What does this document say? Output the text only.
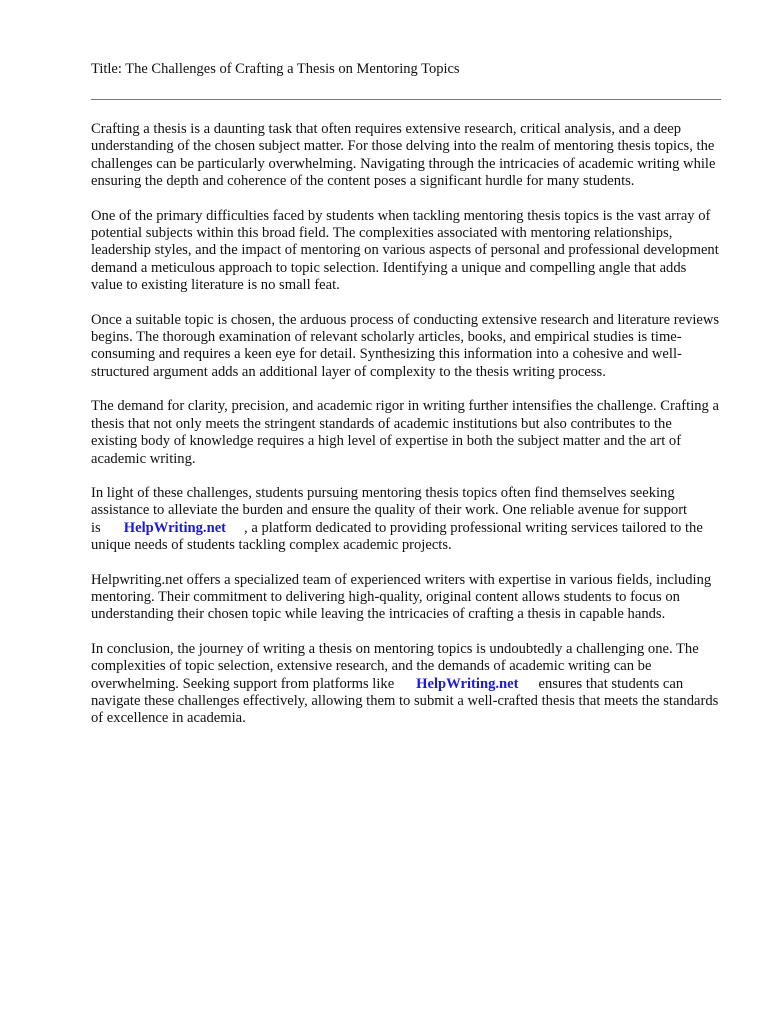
Title: The Challenges of Crafting a Thesis on Mentoring Topics

Crafting a thesis is a daunting task that often requires extensive research, critical analysis, and a deep understanding of the chosen subject matter. For those delving into the realm of mentoring thesis topics, the challenges can be particularly overwhelming. Navigating through the intricacies of academic writing while ensuring the depth and coherence of the content poses a significant hurdle for many students.

One of the primary difficulties faced by students when tackling mentoring thesis topics is the vast array of potential subjects within this broad field. The complexities associated with mentoring relationships, leadership styles, and the impact of mentoring on various aspects of personal and professional development demand a meticulous approach to topic selection. Identifying a unique and compelling angle that adds value to existing literature is no small feat.

Once a suitable topic is chosen, the arduous process of conducting extensive research and literature reviews begins. The thorough examination of relevant scholarly articles, books, and empirical studies is time-consuming and requires a keen eye for detail. Synthesizing this information into a cohesive and well-structured argument adds an additional layer of complexity to the thesis writing process.

The demand for clarity, precision, and academic rigor in writing further intensifies the challenge. Crafting a thesis that not only meets the stringent standards of academic institutions but also contributes to the existing body of knowledge requires a high level of expertise in both the subject matter and the art of academic writing.

In light of these challenges, students pursuing mentoring thesis topics often find themselves seeking assistance to alleviate the burden and ensure the quality of their work. One reliable avenue for support is HelpWriting.net , a platform dedicated to providing professional writing services tailored to the unique needs of students tackling complex academic projects.

Helpwriting.net offers a specialized team of experienced writers with expertise in various fields, including mentoring. Their commitment to delivering high-quality, original content allows students to focus on understanding their chosen topic while leaving the intricacies of crafting a thesis in capable hands.

In conclusion, the journey of writing a thesis on mentoring topics is undoubtedly a challenging one. The complexities of topic selection, extensive research, and the demands of academic writing can be overwhelming. Seeking support from platforms like HelpWriting.net ensures that students can navigate these challenges effectively, allowing them to submit a well-crafted thesis that meets the standards of excellence in academia.
